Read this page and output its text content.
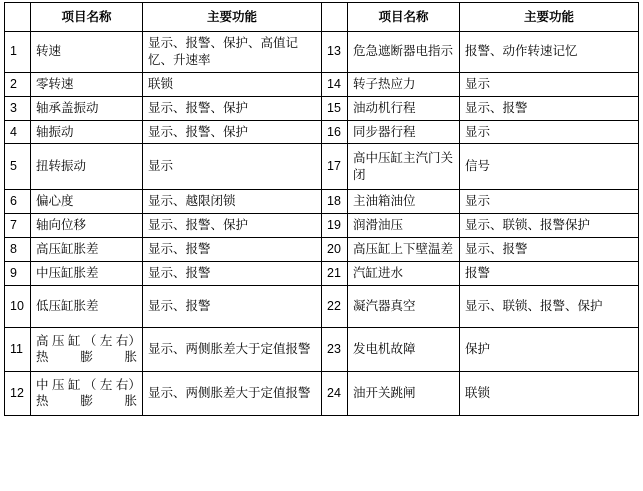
	项目名称	主要功能		项目名称	主要功能
1	转速	显示、报警、保护、高值记忆、升速率	13	危急遮断器电指示	报警、动作转速记忆
2	零转速	联锁	14	转子热应力	显示
3	轴承盖振动	显示、报警、保护	15	油动机行程	显示、报警
4	轴振动	显示、报警、保护	16	同步器行程	显示
5	扭转振动	显示	17	高中压缸主汽门关闭	信号
6	偏心度	显示、越限闭锁	18	主油箱油位	显示
7	轴向位移	显示、报警、保护	19	润滑油压	显示、联锁、报警保护
8	高压缸胀差	显示、报警	20	高压缸上下壁温差	显示、报警
9	中压缸胀差	显示、报警	21	汽缸进水	报警
10	低压缸胀差	显示、报警	22	凝汽器真空	显示、联锁、报警、保护
11	高 压 缸 （ 左 右）热膨胀	显示、两侧胀差大于定值报警	23	发电机故障	保护
12	中 压 缸 （ 左 右）热膨胀	显示、两侧胀差大于定值报警	24	油开关跳闸	联锁
